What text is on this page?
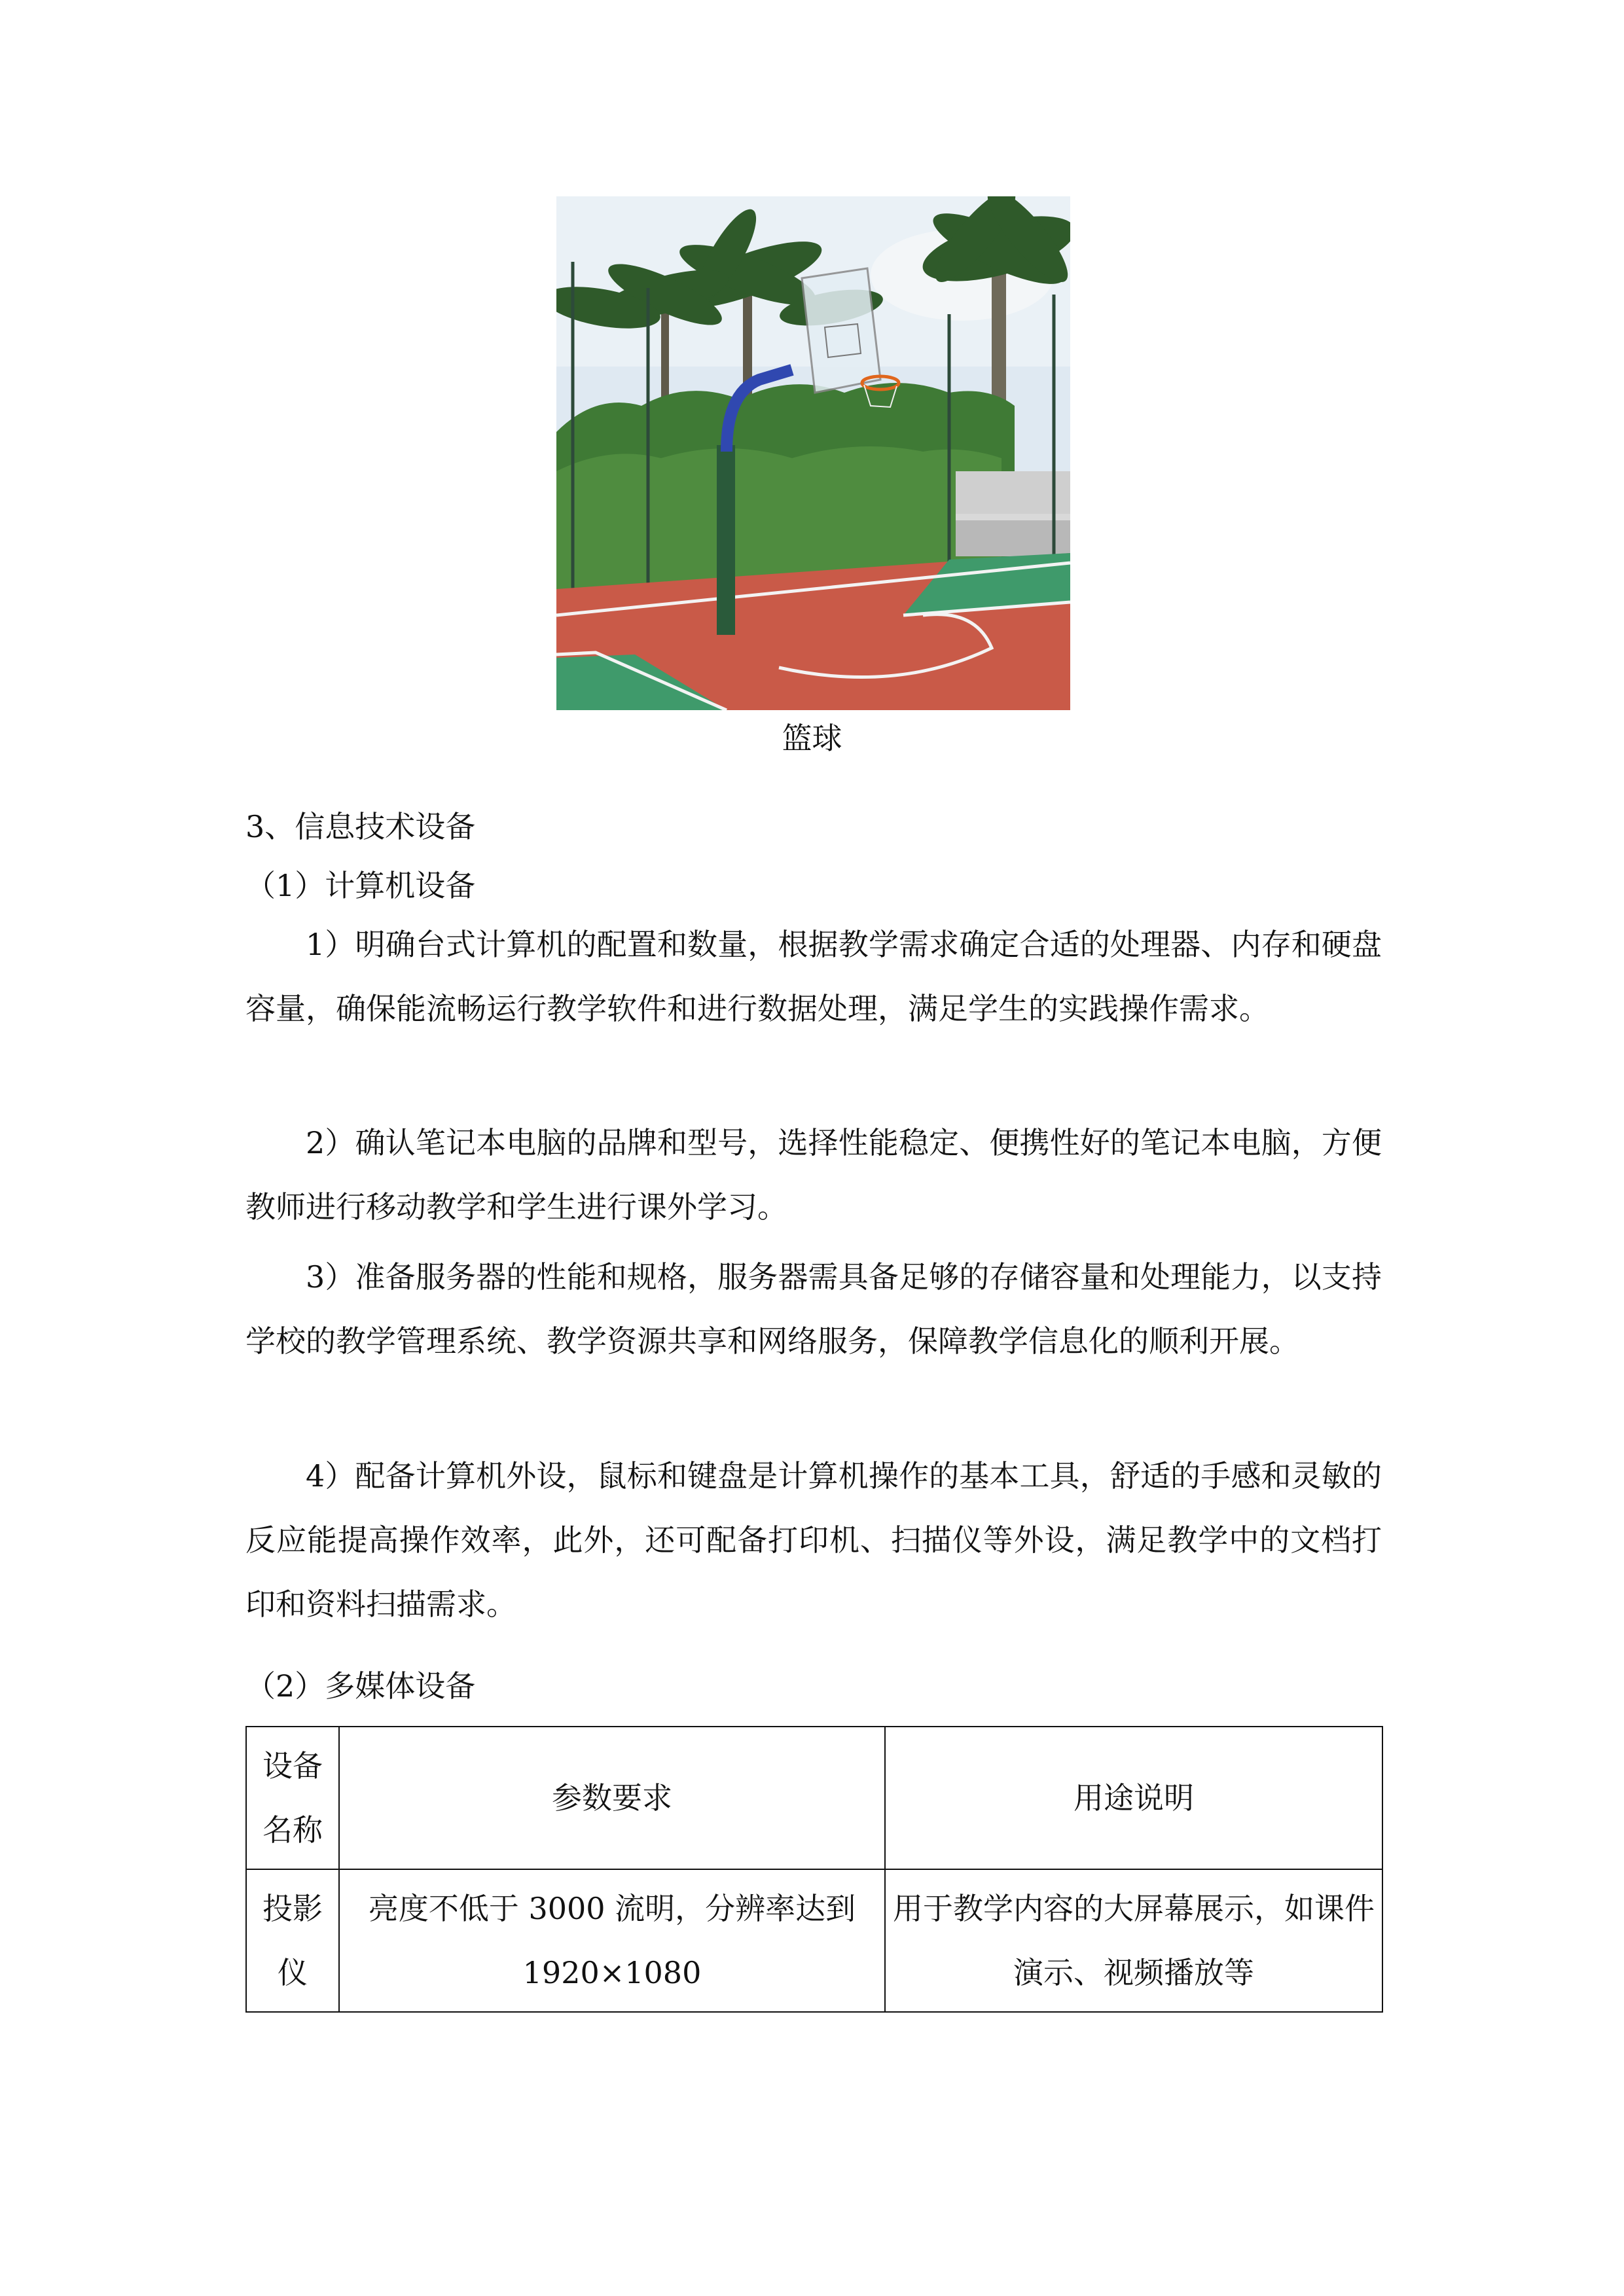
篮球
3、信息技术设备
（1）计算机设备

1）明确台式计算机的配置和数量，根据教学需求确定合适的处理器、内存和硬盘容量，确保能流畅运行教学软件和进行数据处理，满足学生的实践操作需求。

2）确认笔记本电脑的品牌和型号，选择性能稳定、便携性好的笔记本电脑，方便教师进行移动教学和学生进行课外学习。

3）准备服务器的性能和规格，服务器需具备足够的存储容量和处理能力，以支持学校的教学管理系统、教学资源共享和网络服务，保障教学信息化的顺利开展。

4）配备计算机外设，鼠标和键盘是计算机操作的基本工具，舒适的手感和灵敏的反应能提高操作效率，此外，还可配备打印机、扫描仪等外设，满足教学中的文档打印和资料扫描需求。

（2）多媒体设备
设备名称	参数要求	用途说明
投影仪	亮度不低于 3000 流明，分辨率达到1920×1080	用于教学内容的大屏幕展示，如课件演示、视频播放等
